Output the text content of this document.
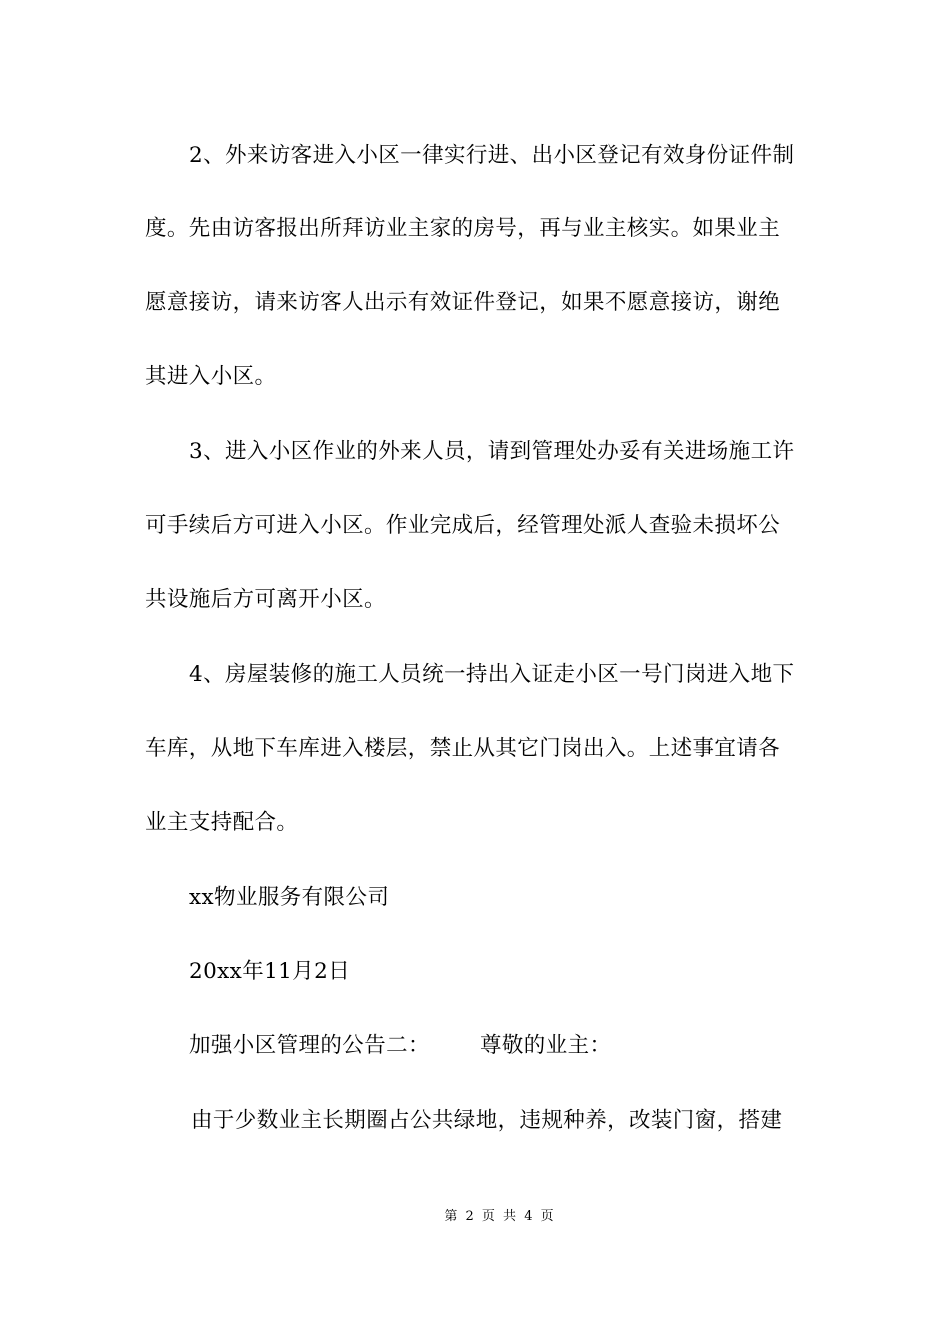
2、外来访客进入小区一律实行进、出小区登记有效身份证件制
度。先由访客报出所拜访业主家的房号，再与业主核实。如果业主
愿意接访，请来访客人出示有效证件登记，如果不愿意接访，谢绝
其进入小区。
3、进入小区作业的外来人员，请到管理处办妥有关进场施工许
可手续后方可进入小区。作业完成后，经管理处派人查验未损坏公
共设施后方可离开小区。
4、房屋装修的施工人员统一持出入证走小区一号门岗进入地下
车库，从地下车库进入楼层，禁止从其它门岗出入。上述事宜请各
业主支持配合。
xx物业服务有限公司
20xx年11月2日
加强小区管理的公告二： 尊敬的业主：
由于少数业主长期圈占公共绿地，违规种养，改装门窗，搭建
第 2 页 共 4 页
